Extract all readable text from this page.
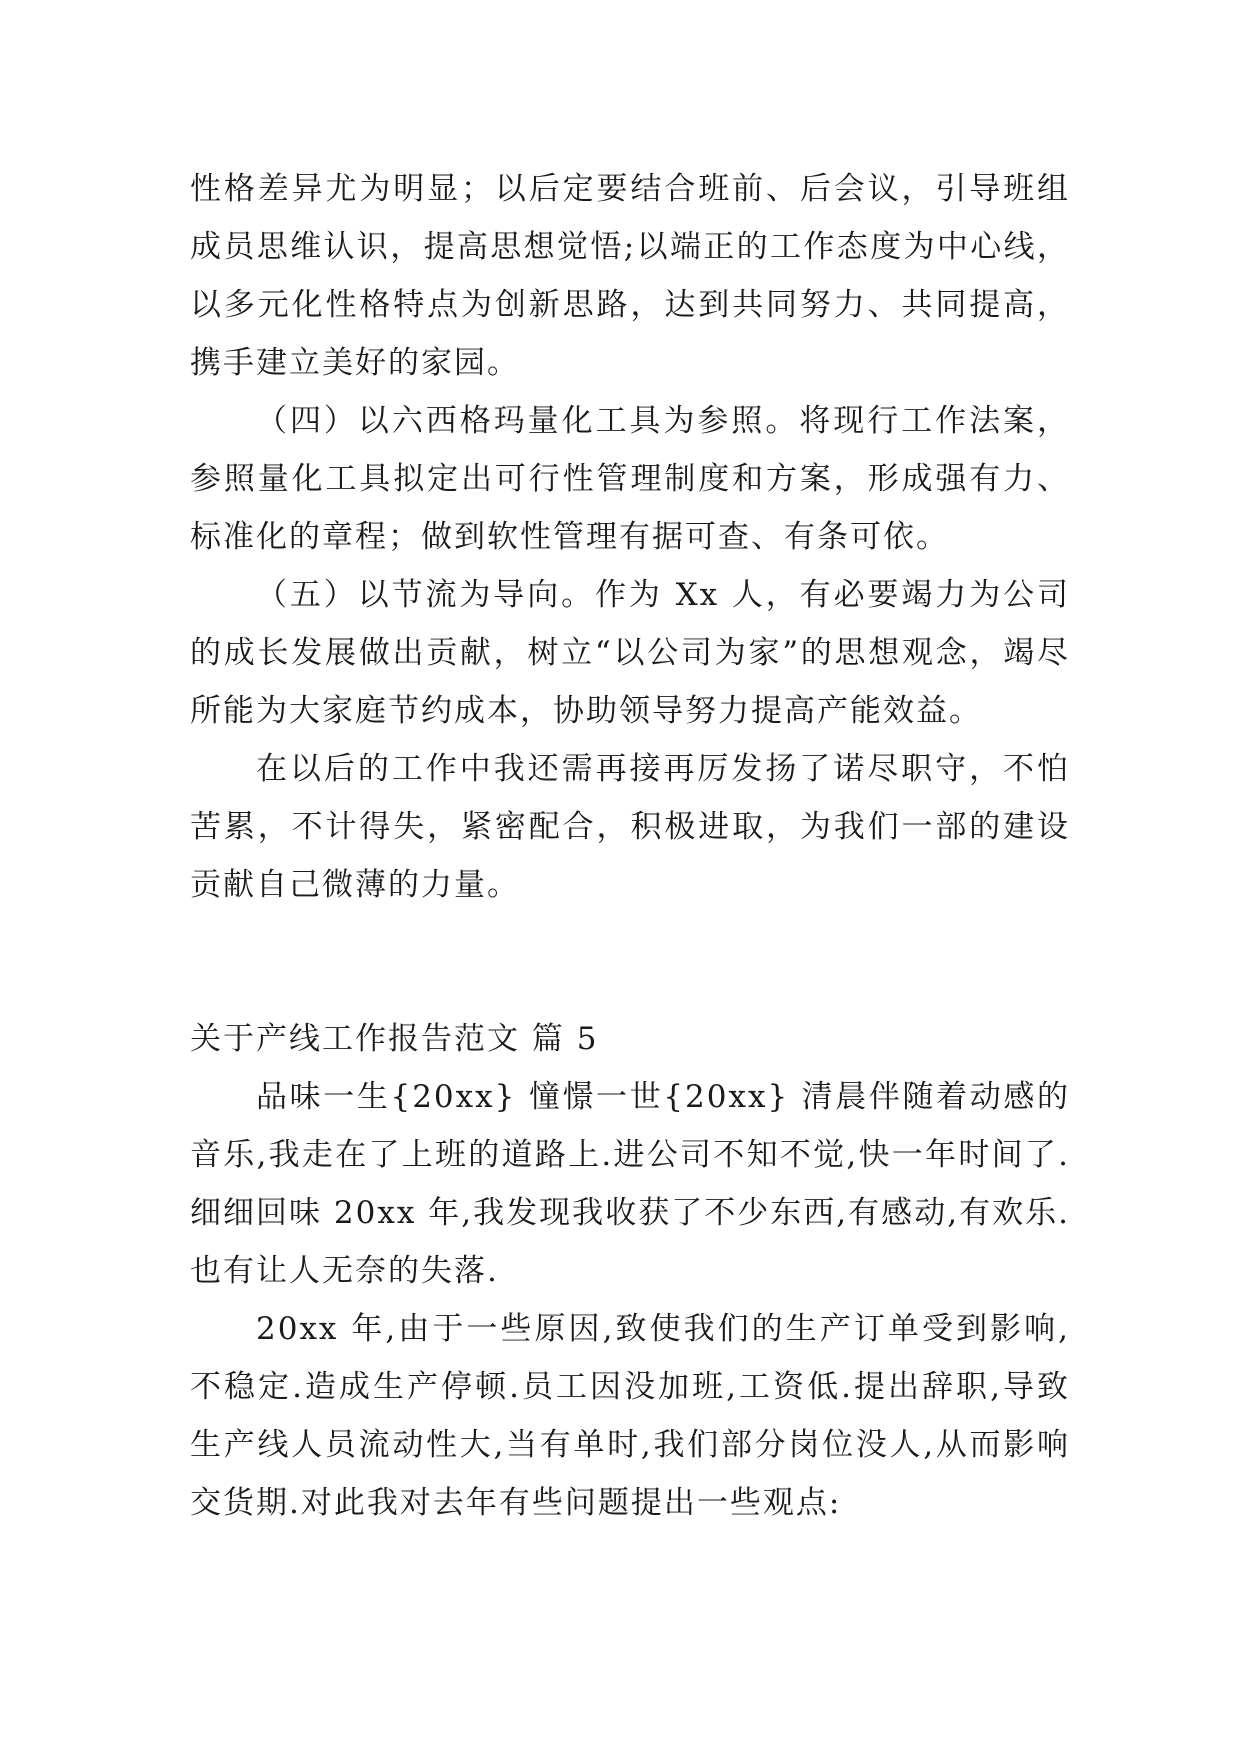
性格差异尤为明显；以后定要结合班前、后会议，引导班组成员思维认识，提高思想觉悟;以端正的工作态度为中心线，以多元化性格特点为创新思路，达到共同努力、共同提高，携手建立美好的家园。

（四）以六西格玛量化工具为参照。将现行工作法案，参照量化工具拟定出可行性管理制度和方案，形成强有力、标准化的章程；做到软性管理有据可查、有条可依。

（五）以节流为导向。作为 Xx 人，有必要竭力为公司的成长发展做出贡献，树立“以公司为家”的思想观念，竭尽所能为大家庭节约成本，协助领导努力提高产能效益。

在以后的工作中我还需再接再厉发扬了诺尽职守，不怕苦累，不计得失，紧密配合，积极进取，为我们一部的建设贡献自己微薄的力量。

关于产线工作报告范文 篇 5

品味一生{20xx} 憧憬一世{20xx} 清晨伴随着动感的音乐,我走在了上班的道路上.进公司不知不觉,快一年时间了.细细回味 20xx 年,我发现我收获了不少东西,有感动,有欢乐.也有让人无奈的失落.

20xx 年,由于一些原因,致使我们的生产订单受到影响,不稳定.造成生产停顿.员工因没加班,工资低.提出辞职,导致生产线人员流动性大,当有单时,我们部分岗位没人,从而影响交货期.对此我对去年有些问题提出一些观点:
